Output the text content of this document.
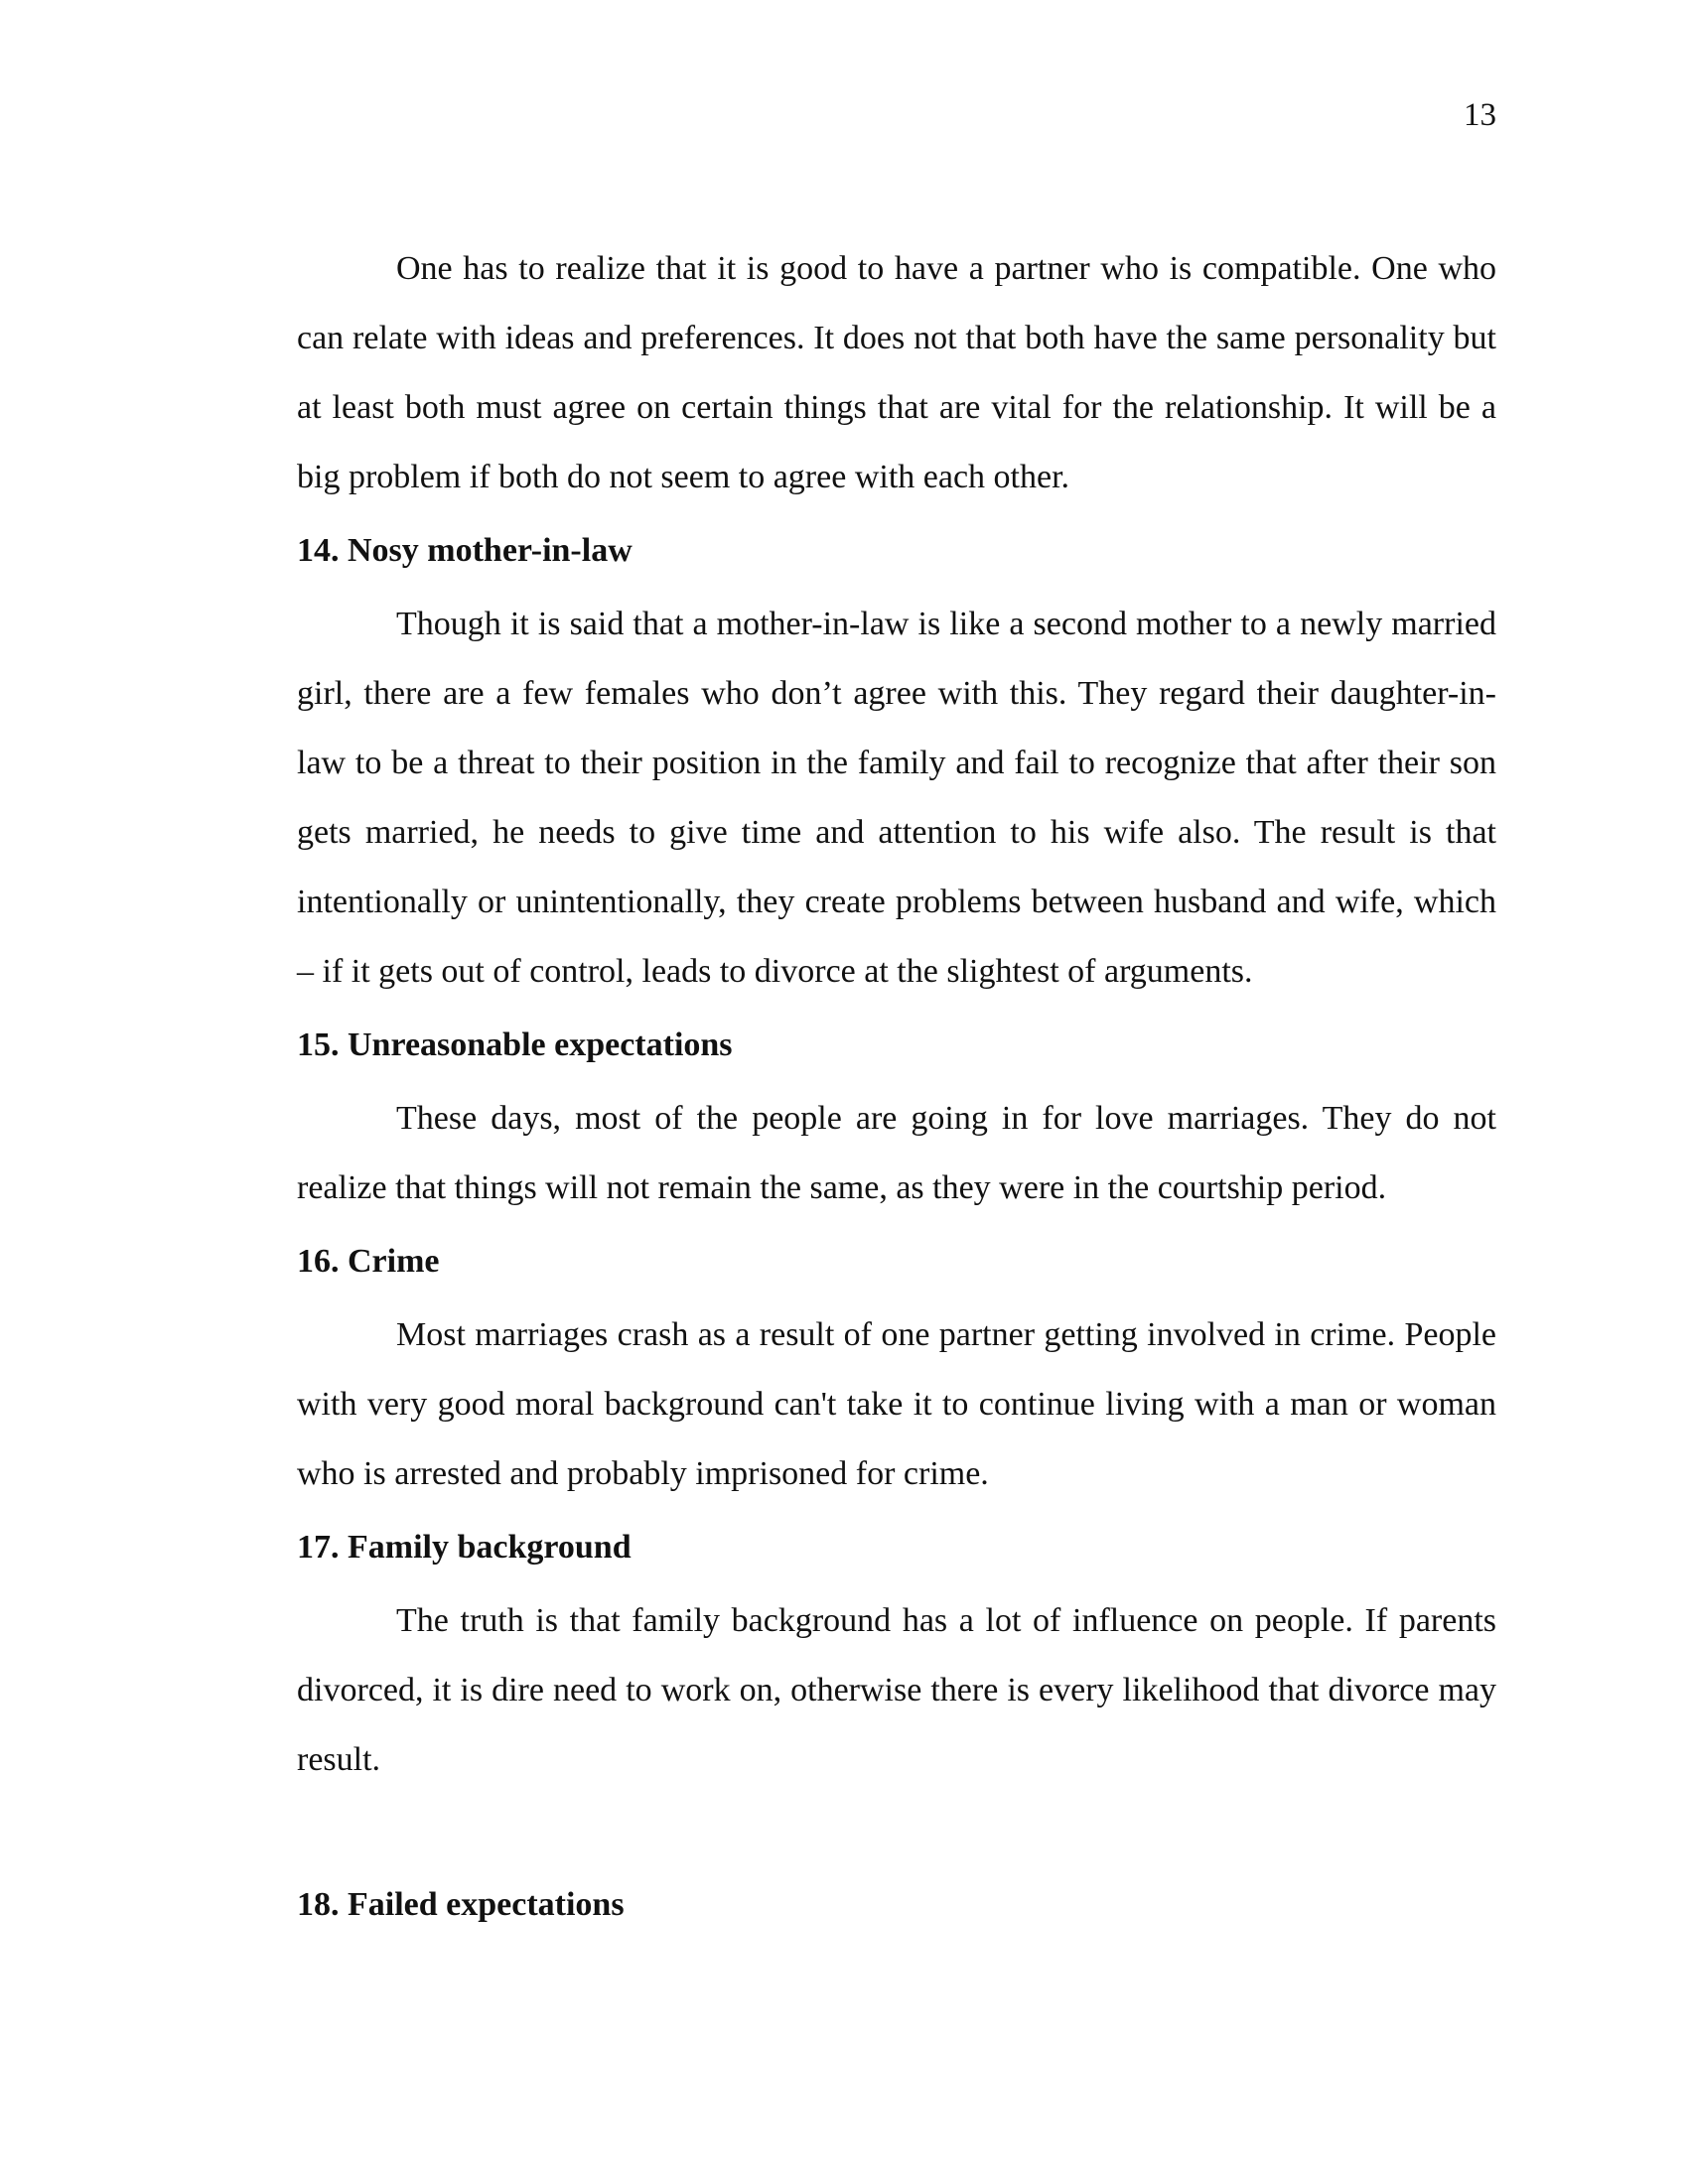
13

One has to realize that it is good to have a partner who is compatible. One who can relate with ideas and preferences. It does not that both have the same personality but at least both must agree on certain things that are vital for the relationship. It will be a big problem if both do not seem to agree with each other.

14. Nosy mother-in-law

Though it is said that a mother-in-law is like a second mother to a newly married girl, there are a few females who don’t agree with this. They regard their daughter-in-law to be a threat to their position in the family and fail to recognize that after their son gets married, he needs to give time and attention to his wife also. The result is that intentionally or unintentionally, they create problems between husband and wife, which – if it gets out of control, leads to divorce at the slightest of arguments.

15. Unreasonable expectations

These days, most of the people are going in for love marriages. They do not realize that things will not remain the same, as they were in the courtship period.

16. Crime

Most marriages crash as a result of one partner getting involved in crime. People with very good moral background can't take it to continue living with a man or woman who is arrested and probably imprisoned for crime.

17. Family background

The truth is that family background has a lot of influence on people. If parents divorced, it is dire need to work on, otherwise there is every likelihood that divorce may result.

18. Failed expectations
